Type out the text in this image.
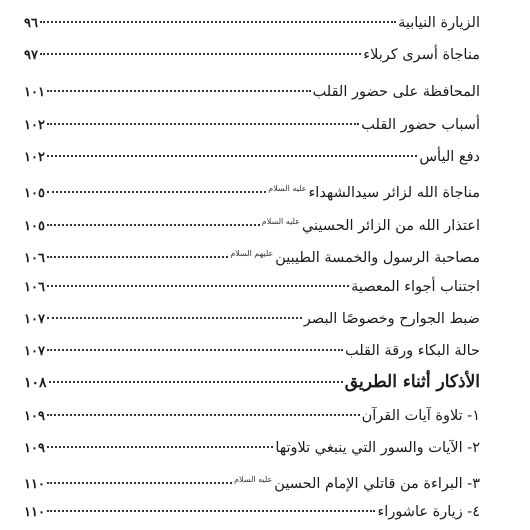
الزيارة النيابية
٩٦
مناجاة أسرى كربلاء
٩٧
المحافظة على حضور القلب
١٠١
أسباب حضور القلب
١٠٢
دفع اليأس
١٠٢
مناجاة الله لزائر سيدالشهداءعليه السلام
١٠٥
اعتذار الله من الزائر الحسينيعليه السلام
١٠٥
مصاحبة الرسول والخمسة الطيبينعليهم السلام
١٠٦
اجتناب أجواء المعصية
١٠٦
ضبط الجوارح وخصوصًا البصر
١٠٧
حالة البكاء ورقة القلب
١٠٧
الأذكار أثناء الطريق
١٠٨
١- تلاوة آيات القرآن
١٠٩
٢- الآيات والسور التي ينبغي تلاوتها
١٠٩
٣- البراءة من قاتلي الإمام الحسينعليه السلام
١١٠
٤- زيارة عاشوراء
١١٠
